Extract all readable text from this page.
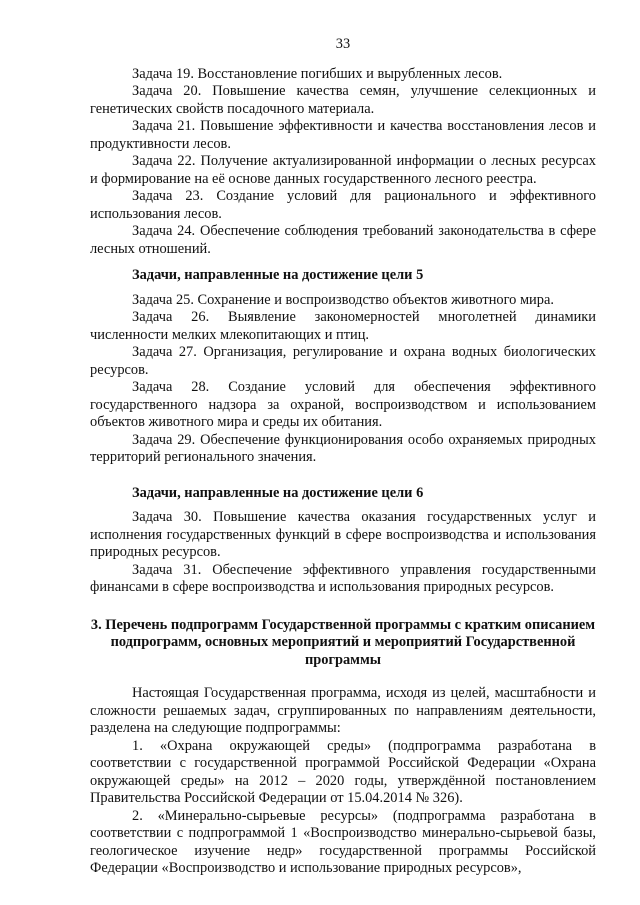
33

Задача 19. Восстановление погибших и вырубленных лесов.

Задача 20. Повышение качества семян, улучшение селекционных и генетических свойств посадочного материала.

Задача 21. Повышение эффективности и качества восстановления лесов и продуктивности лесов.

Задача 22. Получение актуализированной информации о лесных ресурсах и формирование на её основе данных государственного лесного реестра.

Задача 23. Создание условий для рационального и эффективного использования лесов.

Задача 24. Обеспечение соблюдения требований законодательства в сфере лесных отношений.

Задачи, направленные на достижение цели 5

Задача 25. Сохранение и воспроизводство объектов животного мира.

Задача 26. Выявление закономерностей многолетней динамики численности мелких млекопитающих и птиц.

Задача 27. Организация, регулирование и охрана водных биологических ресурсов.

Задача 28. Создание условий для обеспечения эффективного государственного надзора за охраной, воспроизводством и использованием объектов животного мира и среды их обитания.

Задача 29. Обеспечение функционирования особо охраняемых природных территорий регионального значения.

Задачи, направленные на достижение цели 6

Задача 30. Повышение качества оказания государственных услуг и исполнения государственных функций в сфере воспроизводства и использования природных ресурсов.

Задача 31. Обеспечение эффективного управления государственными финансами в сфере воспроизводства и использования природных ресурсов.

3. Перечень подпрограмм Государственной программы с кратким описанием подпрограмм, основных мероприятий и мероприятий Государственной программы

Настоящая Государственная программа, исходя из целей, масштабности и сложности решаемых задач, сгруппированных по направлениям деятельности, разделена на следующие подпрограммы:

1. «Охрана окружающей среды» (подпрограмма разработана в соответствии с государственной программой Российской Федерации «Охрана окружающей среды» на 2012 – 2020 годы, утверждённой постановлением Правительства Российской Федерации от 15.04.2014 № 326).

2. «Минерально-сырьевые ресурсы» (подпрограмма разработана в соответствии с подпрограммой 1 «Воспроизводство минерально-сырьевой базы, геологическое изучение недр» государственной программы Российской Федерации «Воспроизводство и использование природных ресурсов»,
